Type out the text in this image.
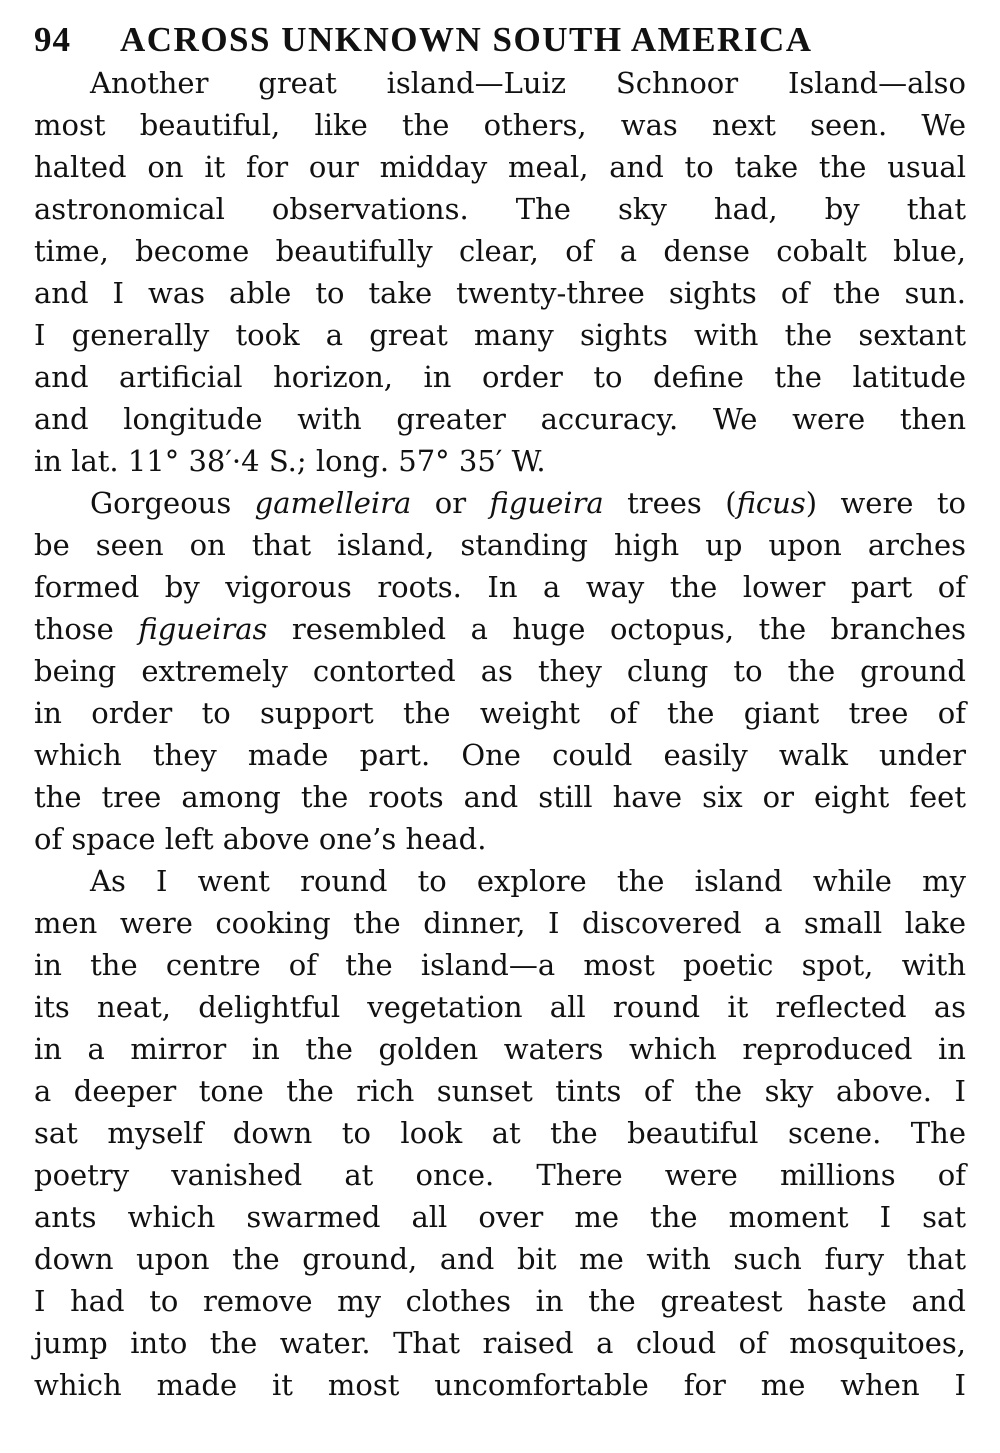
94	ACROSS UNKNOWN SOUTH AMERICA
Another great island—Luiz Schnoor Island—also
most beautiful, like the others, was next seen. We
halted on it for our midday meal, and to take the usual
astronomical observations. The sky had, by that
time, become beautifully clear, of a dense cobalt blue,
and I was able to take twenty-three sights of the sun.
I generally took a great many sights with the sextant
and artificial horizon, in order to define the latitude
and longitude with greater accuracy. We were then
in lat. 11° 38′·4 S.; long. 57° 35′ W.
Gorgeous gamelleira or figueira trees (ficus) were to
be seen on that island, standing high up upon arches
formed by vigorous roots. In a way the lower part of
those figueiras resembled a huge octopus, the branches
being extremely contorted as they clung to the ground
in order to support the weight of the giant tree of
which they made part. One could easily walk under
the tree among the roots and still have six or eight feet
of space left above one’s head.
As I went round to explore the island while my
men were cooking the dinner, I discovered a small lake
in the centre of the island—a most poetic spot, with
its neat, delightful vegetation all round it reflected as
in a mirror in the golden waters which reproduced in
a deeper tone the rich sunset tints of the sky above. I
sat myself down to look at the beautiful scene. The
poetry vanished at once. There were millions of
ants which swarmed all over me the moment I sat
down upon the ground, and bit me with such fury that
I had to remove my clothes in the greatest haste and
jump into the water. That raised a cloud of mosquitoes,
which made it most uncomfortable for me when I
